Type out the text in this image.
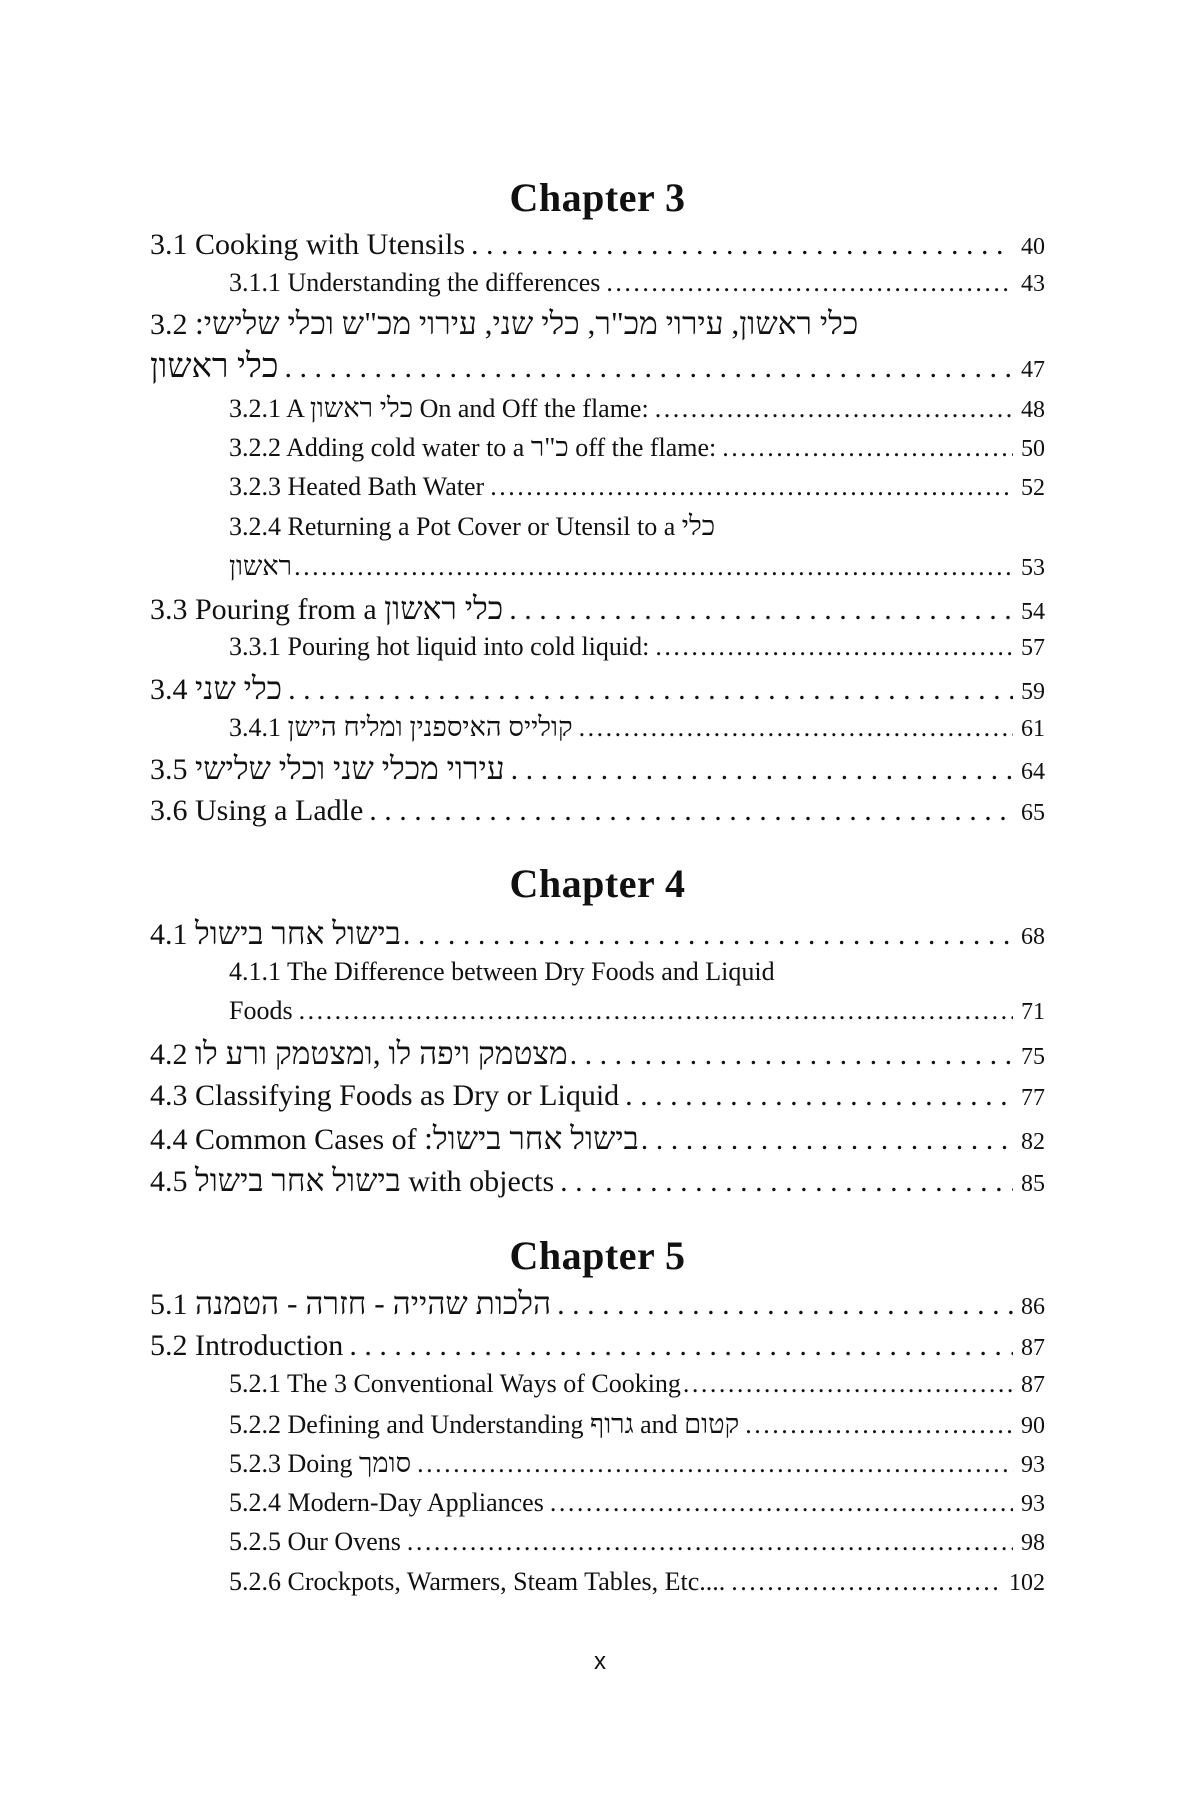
Chapter 3
3.1 Cooking with Utensils . . .	40
3.1.1 Understanding the differences . . .	43
3.2 כלי ראשון, עירוי מכ"ר, כלי שני, עירוי מכ"ש וכלי שלישי:
כלי ראשון . . .	47
3.2.1 A כלי ראשון On and Off the flame: . . .	48
3.2.2 Adding cold water to a כ"ר off the flame: . . .	50
3.2.3 Heated Bath Water . . .	52
3.2.4 Returning a Pot Cover or Utensil to a כלי
ראשון . . .	53
3.3 Pouring from a כלי ראשון . . .	54
3.3.1 Pouring hot liquid into cold liquid: . . .	57
3.4 כלי שני . . .	59
3.4.1 קולייס האיספנין ומליח הישן . . .	61
3.5 עירוי מכלי שני וכלי שלישי . . .	64
3.6 Using a Ladle . . .	65
Chapter 4
4.1 בישול אחר בישול . . .	68
4.1.1 The Difference between Dry Foods and Liquid
Foods . . .	71
4.2 מצטמק ויפה לו ,ומצטמק ורע לו . . .	75
4.3 Classifying Foods as Dry or Liquid . . .	77
4.4 Common Cases of בישול אחר בישול: . . .	82
4.5 בישול אחר בישול with objects . . .	85
Chapter 5
5.1 הלכות שהייה - חזרה - הטמנה . . .	86
5.2 Introduction . . .	87
5.2.1 The 3 Conventional Ways of Cooking . . .	87
5.2.2 Defining and Understanding גרוף and קטום . . .	90
5.2.3 Doing סומך . . .	93
5.2.4 Modern-Day Appliances . . .	93
5.2.5 Our Ovens . . .	98
5.2.6 Crockpots, Warmers, Steam Tables, Etc.... . . .	102
x
